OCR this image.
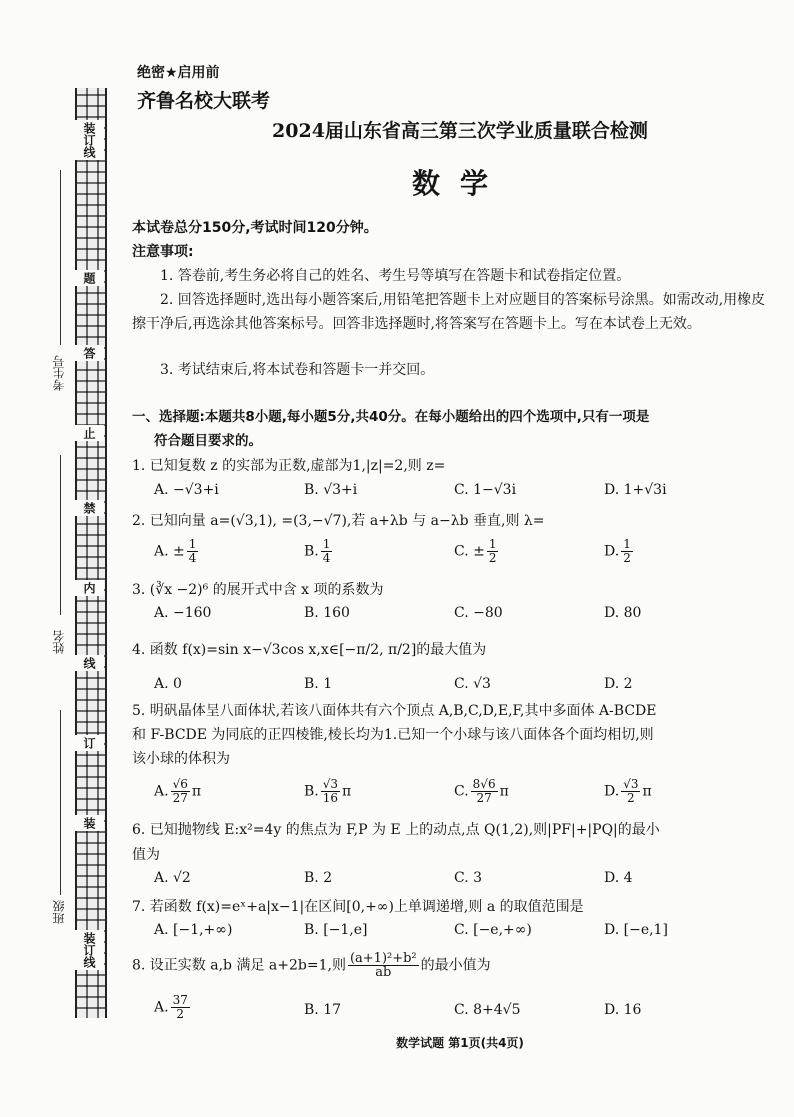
装订线
题
答
止
禁
内
线
订
装
装订线
考生号
姓名
班级
绝密★启用前
齐鲁名校大联考
2024届山东省高三第三次学业质量联合检测
数学
本试卷总分150分,考试时间120分钟。
注意事项:
1. 答卷前,考生务必将自己的姓名、考生号等填写在答题卡和试卷指定位置。
2. 回答选择题时,选出每小题答案后,用铅笔把答题卡上对应题目的答案标号涂黑。如需改动,用橡皮擦干净后,再选涂其他答案标号。回答非选择题时,将答案写在答题卡上。写在本试卷上无效。
3. 考试结束后,将本试卷和答题卡一并交回。
一、选择题:本题共8小题,每小题5分,共40分。在每小题给出的四个选项中,只有一项是
符合题目要求的。
1. 已知复数 z 的实部为正数,虚部为1,|z|=2,则 z=
A. −√3+i	B. √3+i	C. 1−√3i	D. 1+√3i
2. 已知向量 a=(√3,1), =(3,−√7),若 a+λb 与 a−λb 垂直,则 λ=
A. ± $\frac{1}{4}$	B. $\frac{1}{4}$	C. ± $\frac{1}{2}$	D. $\frac{1}{2}$
3. (∛x −2)⁶ 的展开式中含 x 项的系数为
A. −160	B. 160	C. −80	D. 80
4. 函数 f(x)=sin x−√3cos x,x∈[−π/2, π/2]的最大值为
A. 0	B. 1	C. √3	D. 2
5. 明矾晶体呈八面体状,若该八面体共有六个顶点 A,B,C,D,E,F,其中多面体 A-BCDE
和 F-BCDE 为同底的正四棱锥,棱长均为1.已知一个小球与该八面体各个面均相切,则
该小球的体积为
A. $\frac{√6}{27}$ π	B. $\frac{√3}{16}$ π	C. $\frac{8√6}{27}$ π	D. $\frac{√3}{2}$ π
6. 已知抛物线 E:x²=4y 的焦点为 F,P 为 E 上的动点,点 Q(1,2),则|PF|+|PQ|的最小
值为
A. √2	B. 2	C. 3	D. 4
7. 若函数 f(x)=eˣ+a|x−1|在区间[0,+∞)上单调递增,则 a 的取值范围是
A. [−1,+∞)	B. [−1,e]	C. [−e,+∞)	D. [−e,1]
8. 设正实数 a,b 满足 a+2b=1,则 $\frac{\text{(a+1)²+b²}}{ab}$ 的最小值为
A. $\frac{37}{2}$	B. 17	C. 8+4√5	D. 16
数学试题 第1页(共4页)
